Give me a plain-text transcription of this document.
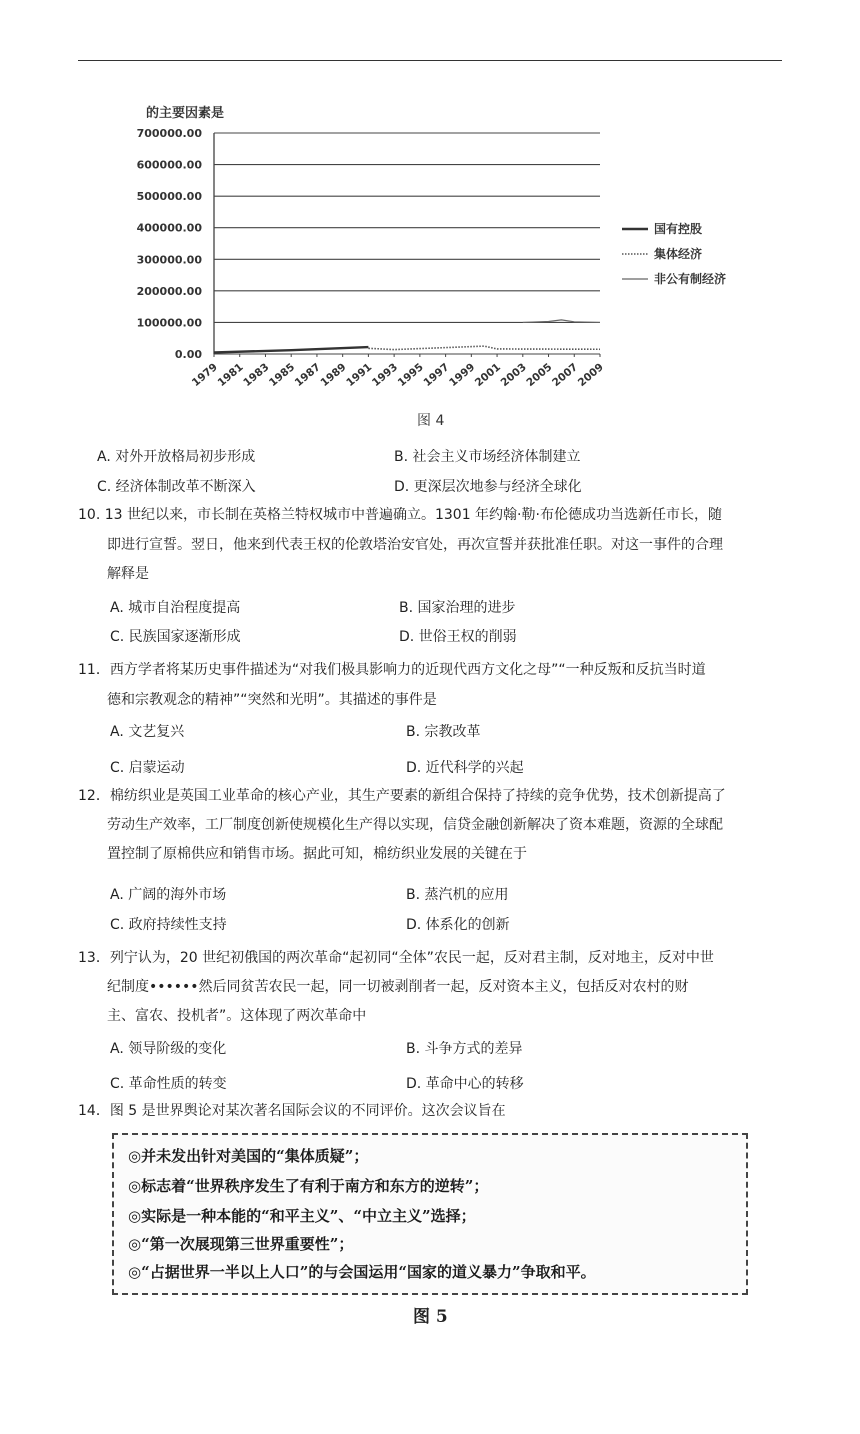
的主要因素是
700000.00
600000.00
500000.00
400000.00
300000.00
200000.00
100000.00
0.00
1979
1981
1983
1985
1987
1989
1991
1993
1995
1997
1999
2001
2003
2005
2007
2009
国有控股
集体经济
非公有制经济
图 4
A. 对外开放格局初步形成	B. 社会主义市场经济体制建立
C. 经济体制改革不断深入	D. 更深层次地参与经济全球化
10. 13 世纪以来，市长制在英格兰特权城市中普遍确立。1301 年约翰·勒·布伦德成功当选新任市长，随
即进行宣誓。翌日，他来到代表王权的伦敦塔治安官处，再次宣誓并获批准任职。对这一事件的合理
解释是
A. 城市自治程度提高	B. 国家治理的进步
C. 民族国家逐渐形成	D. 世俗王权的削弱
11．西方学者将某历史事件描述为“对我们极具影响力的近现代西方文化之母”“一种反叛和反抗当时道
德和宗教观念的精神”“突然和光明”。其描述的事件是
A. 文艺复兴	B. 宗教改革
C. 启蒙运动	D. 近代科学的兴起
12．棉纺织业是英国工业革命的核心产业，其生产要素的新组合保持了持续的竞争优势，技术创新提高了
劳动生产效率，工厂制度创新使规模化生产得以实现，信贷金融创新解决了资本难题，资源的全球配
置控制了原棉供应和销售市场。据此可知，棉纺织业发展的关键在于
A. 广阔的海外市场	B. 蒸汽机的应用
C. 政府持续性支持	D. 体系化的创新
13．列宁认为，20 世纪初俄国的两次革命“起初同“全体”农民一起，反对君主制，反对地主，反对中世
纪制度••••••然后同贫苦农民一起，同一切被剥削者一起，反对资本主义，包括反对农村的财
主、富农、投机者”。这体现了两次革命中
A. 领导阶级的变化	B. 斗争方式的差异
C. 革命性质的转变	D. 革命中心的转移
14．图 5 是世界舆论对某次著名国际会议的不同评价。这次会议旨在
◎并未发出针对美国的“集体质疑”；
◎标志着“世界秩序发生了有利于南方和东方的逆转”；
◎实际是一种本能的“和平主义”、“中立主义”选择；
◎“第一次展现第三世界重要性”；
◎“占据世界一半以上人口”的与会国运用“国家的道义暴力”争取和平。
图 5
